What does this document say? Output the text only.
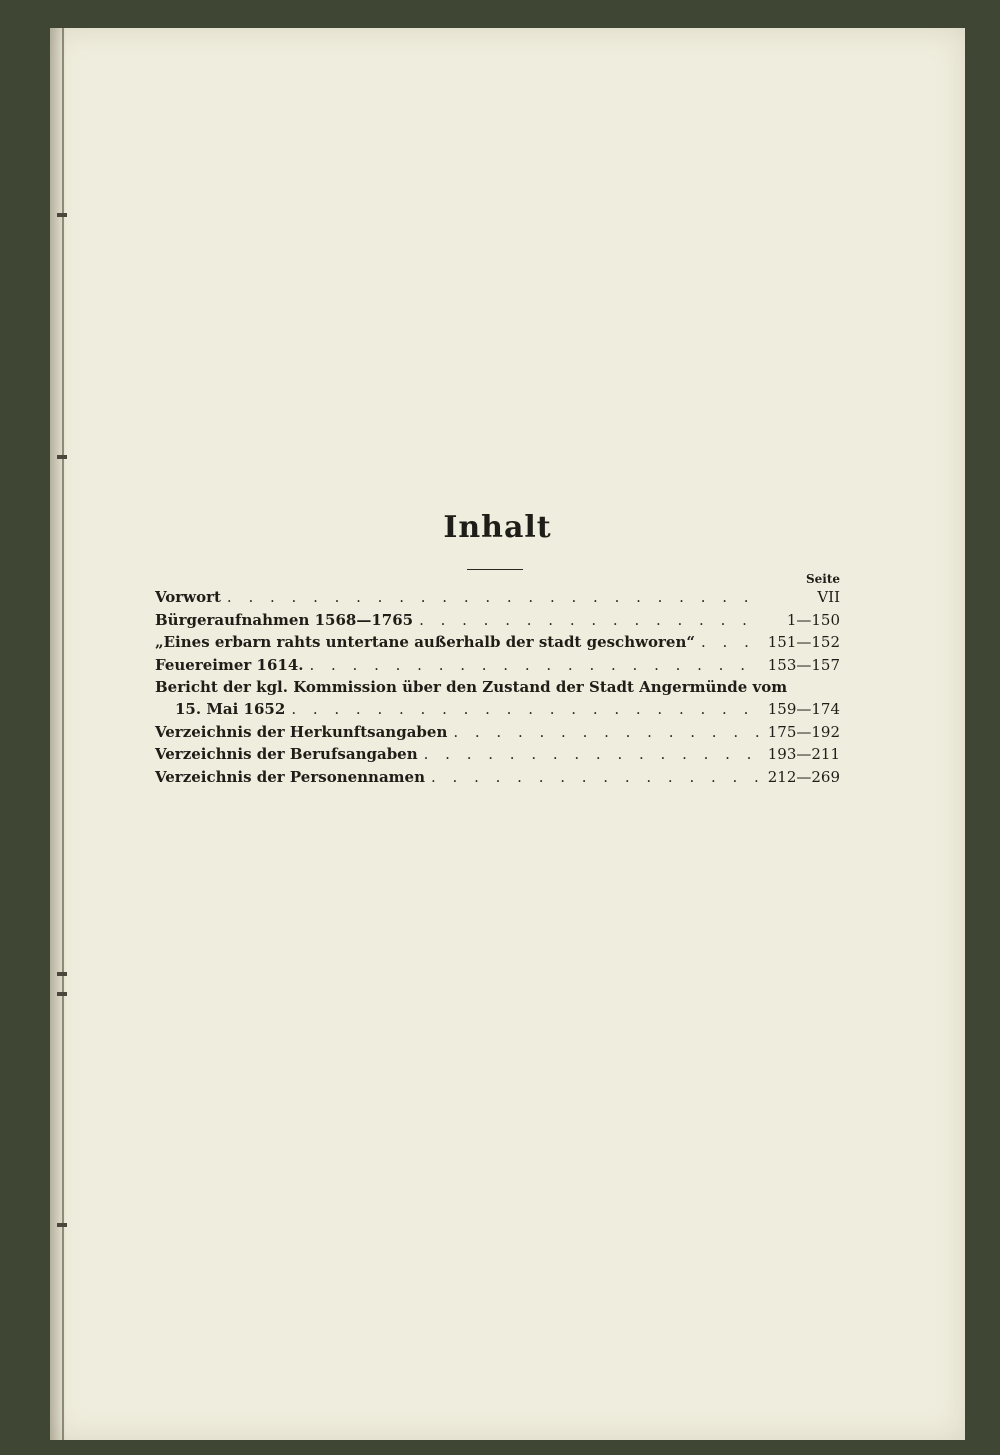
Inhalt
Seite
Vorwort . . .	VII
Bürgeraufnahmen 1568—1765 . . .	1—150
„Eines erbarn rahts untertane außerhalb der stadt geschworen“ . . .	151—152
Feuereimer 1614. . . .	153—157
Bericht der kgl. Kommission über den Zustand der Stadt Angermünde vom
15. Mai 1652 . . .	159—174
Verzeichnis der Herkunftsangaben . . .	175—192
Verzeichnis der Berufsangaben . . .	193—211
Verzeichnis der Personennamen . . .	212—269
